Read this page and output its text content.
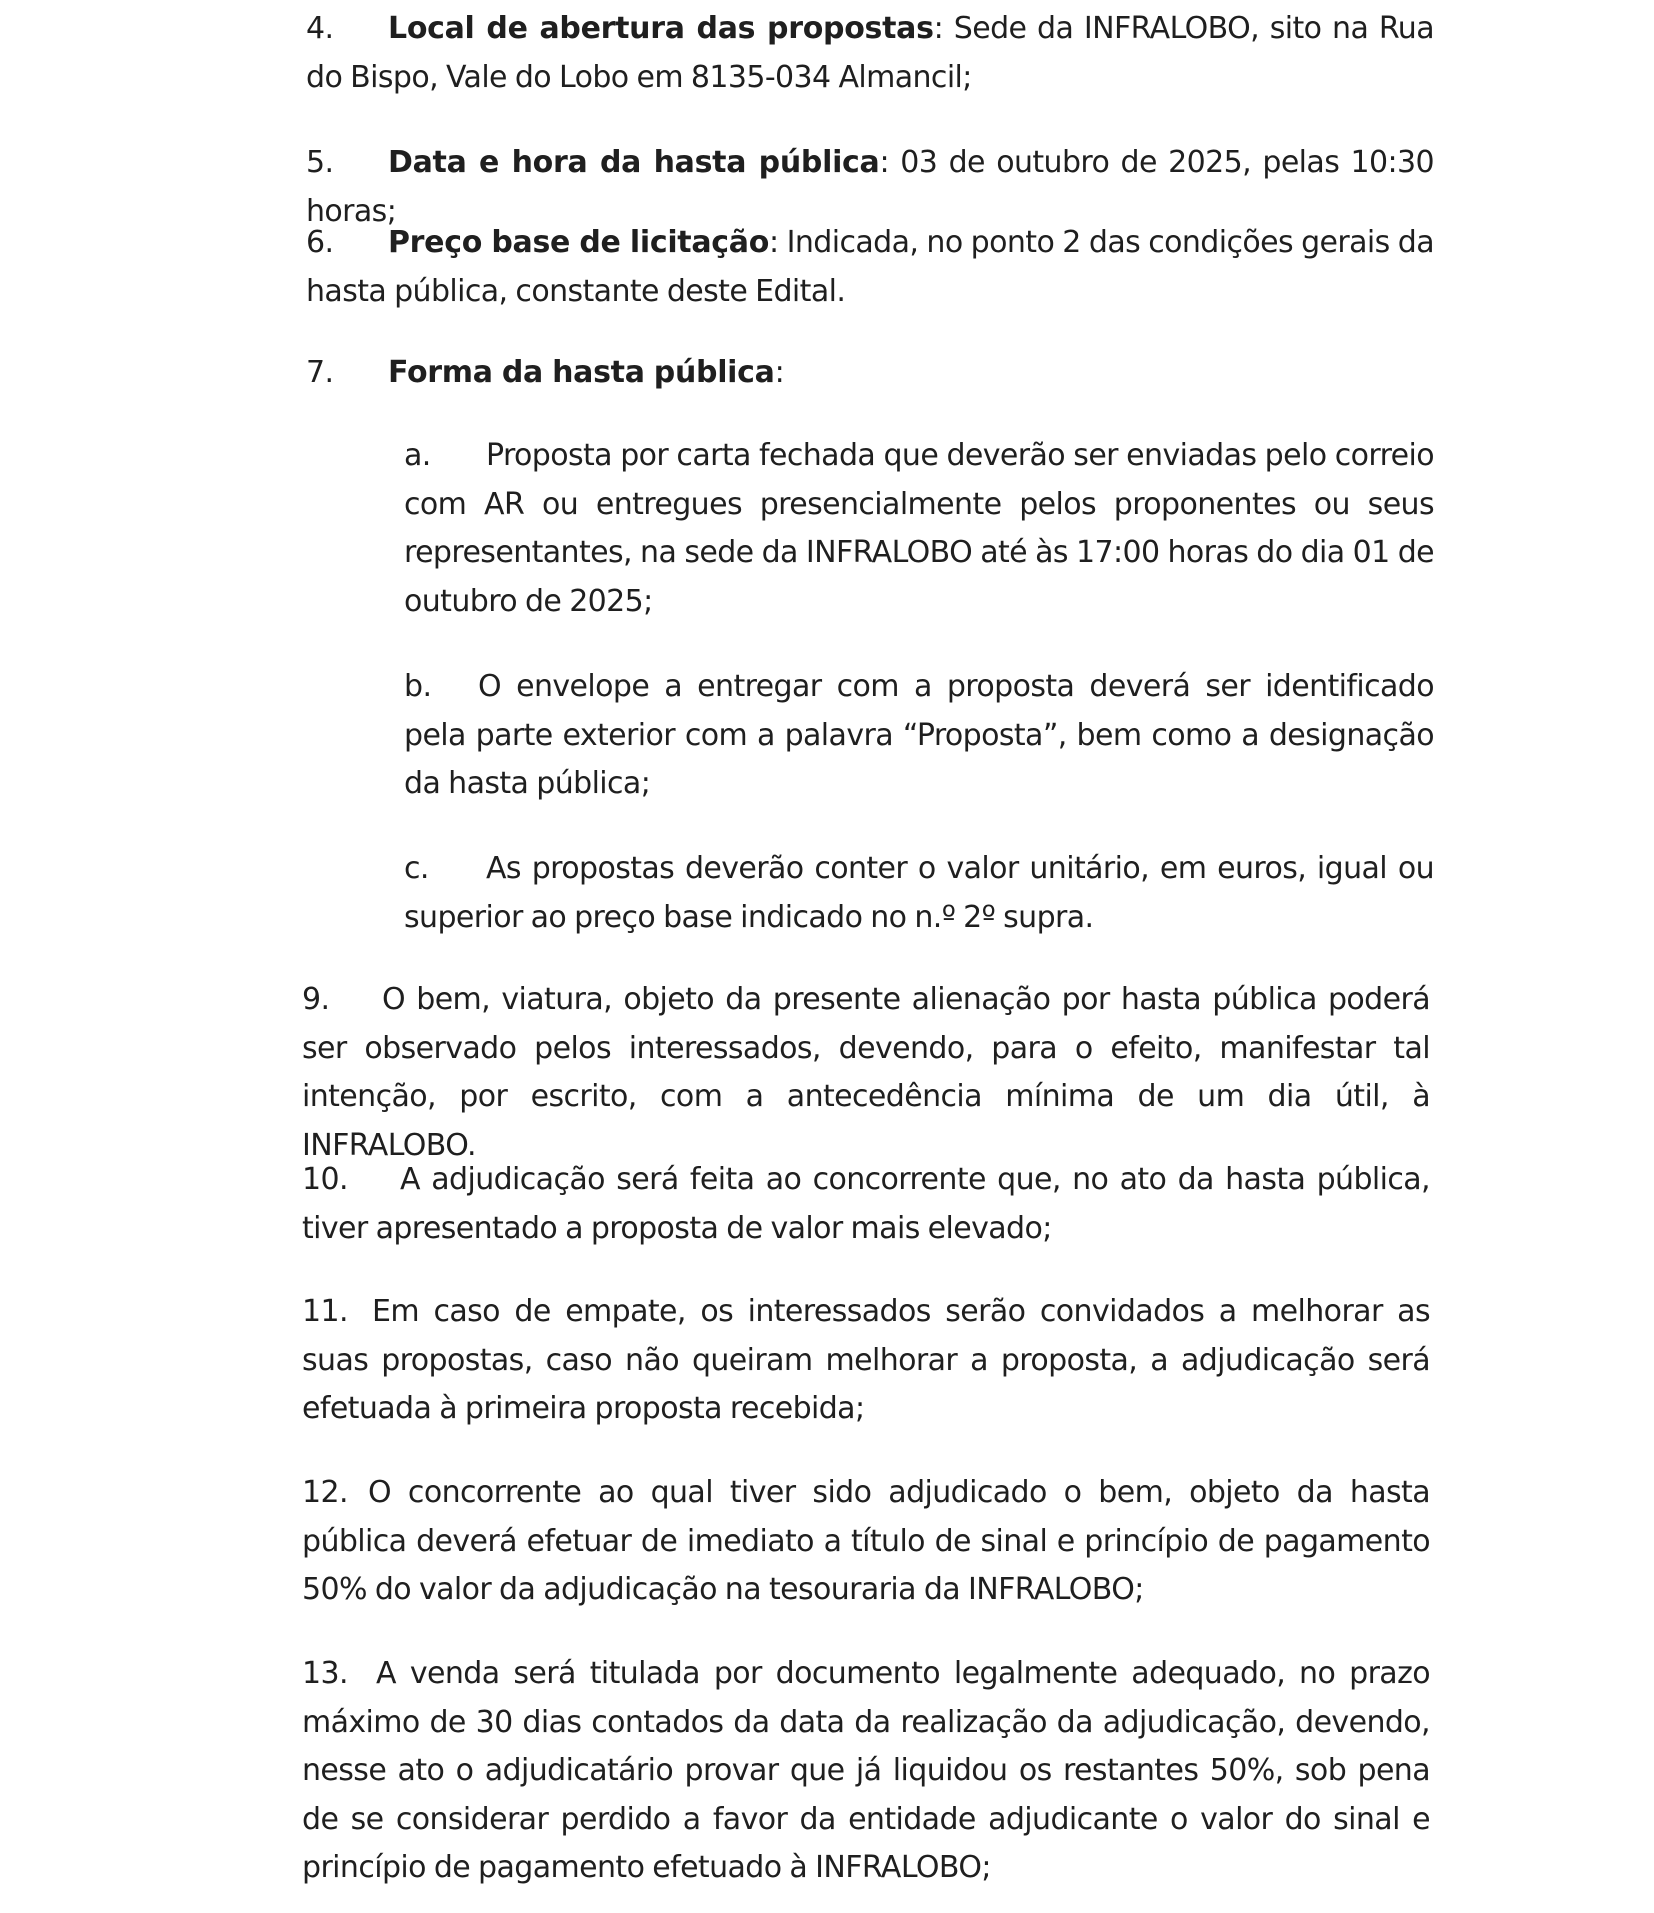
4. Local de abertura das propostas: Sede da INFRALOBO, sito na Rua do Bispo, Vale do Lobo em 8135-034 Almancil;
5. Data e hora da hasta pública: 03 de outubro de 2025, pelas 10:30 horas;
6. Preço base de licitação: Indicada, no ponto 2 das condições gerais da hasta pública, constante deste Edital.
7. Forma da hasta pública:
a. Proposta por carta fechada que deverão ser enviadas pelo correio com AR ou entregues presencialmente pelos proponentes ou seus representantes, na sede da INFRALOBO até às 17:00 horas do dia 01 de outubro de 2025;
b. O envelope a entregar com a proposta deverá ser identificado pela parte exterior com a palavra “Proposta”, bem como a designação da hasta pública;
c. As propostas deverão conter o valor unitário, em euros, igual ou superior ao preço base indicado no n.º 2º supra.
9. O bem, viatura, objeto da presente alienação por hasta pública poderá ser observado pelos interessados, devendo, para o efeito, manifestar tal intenção, por escrito, com a antecedência mínima de um dia útil, à INFRALOBO.
10. A adjudicação será feita ao concorrente que, no ato da hasta pública, tiver apresentado a proposta de valor mais elevado;
11. Em caso de empate, os interessados serão convidados a melhorar as suas propostas, caso não queiram melhorar a proposta, a adjudicação será efetuada à primeira proposta recebida;
12. O concorrente ao qual tiver sido adjudicado o bem, objeto da hasta pública deverá efetuar de imediato a título de sinal e princípio de pagamento 50% do valor da adjudicação na tesouraria da INFRALOBO;
13. A venda será titulada por documento legalmente adequado, no prazo máximo de 30 dias contados da data da realização da adjudicação, devendo, nesse ato o adjudicatário provar que já liquidou os restantes 50%, sob pena de se considerar perdido a favor da entidade adjudicante o valor do sinal e princípio de pagamento efetuado à INFRALOBO;
